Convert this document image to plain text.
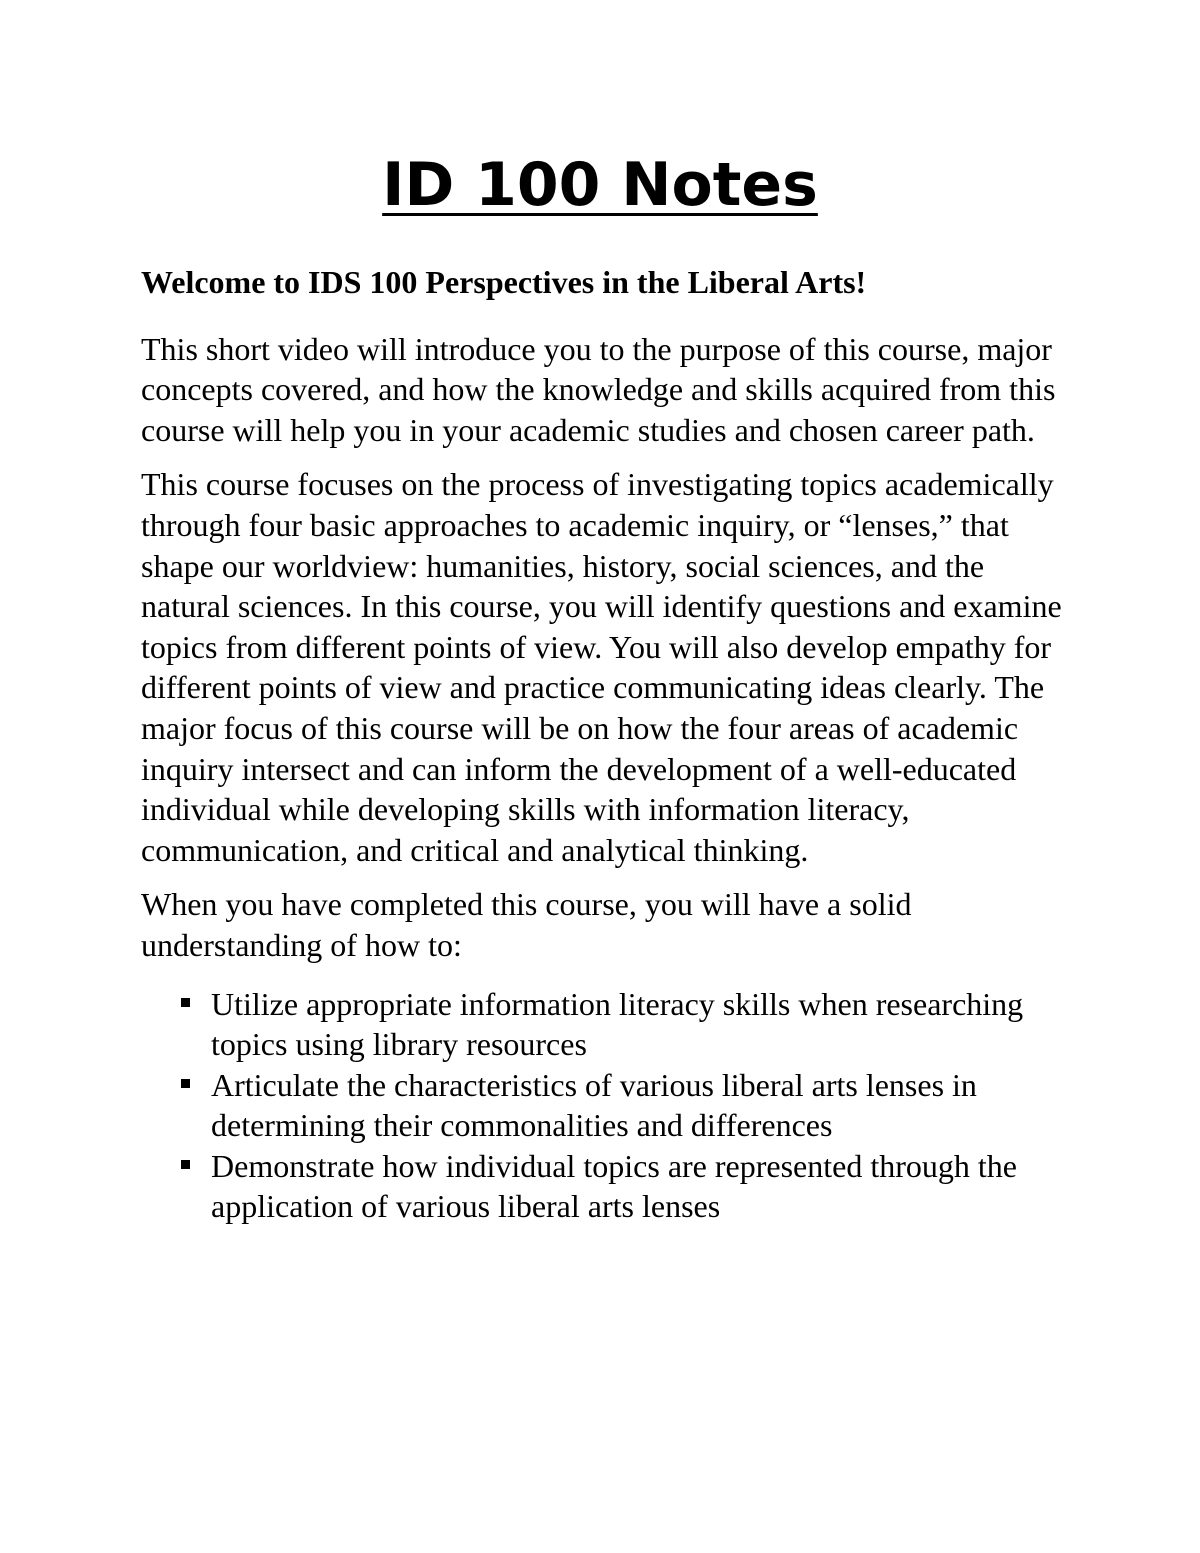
ID 100 Notes

Welcome to IDS 100 Perspectives in the Liberal Arts!

This short video will introduce you to the purpose of this course, major concepts covered, and how the knowledge and skills acquired from this course will help you in your academic studies and chosen career path.

This course focuses on the process of investigating topics academically through four basic approaches to academic inquiry, or “lenses,” that shape our worldview: humanities, history, social sciences, and the natural sciences. In this course, you will identify questions and examine topics from different points of view. You will also develop empathy for different points of view and practice communicating ideas clearly. The major focus of this course will be on how the four areas of academic inquiry intersect and can inform the development of a well-educated individual while developing skills with information literacy, communication, and critical and analytical thinking.

When you have completed this course, you will have a solid understanding of how to:

Utilize appropriate information literacy skills when researching topics using library resources
Articulate the characteristics of various liberal arts lenses in determining their commonalities and differences
Demonstrate how individual topics are represented through the application of various liberal arts lenses
